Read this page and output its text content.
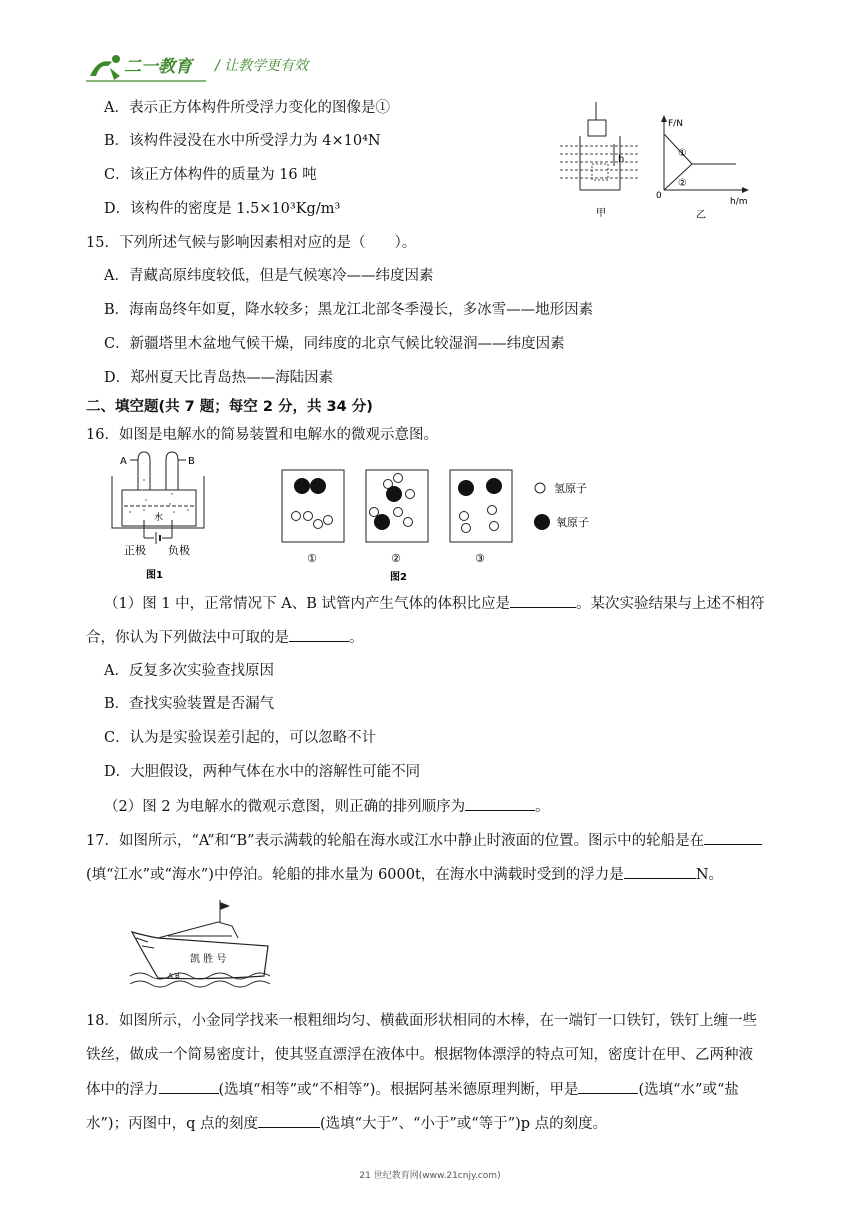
二一教育 / 让教学更有效
A．表示正方体构件所受浮力变化的图像是①
B．该构件浸没在水中所受浮力为 4×10⁴N
C．该正方体构件的质量为 16 吨
D．该构件的密度是 1.5×10³Kg/m³
h
甲
F/N
①
②
0
h/m
乙
15．下列所述气候与影响因素相对应的是（　　）。
A．青藏高原纬度较低，但是气候寒冷——纬度因素
B．海南岛终年如夏，降水较多；黑龙江北部冬季漫长，多冰雪——地形因素
C．新疆塔里木盆地气候干燥，同纬度的北京气候比较湿润——纬度因素
D．郑州夏天比青岛热——海陆因素
二、填空题(共 7 题；每空 2 分，共 34 分)
16．如图是电解水的简易装置和电解水的微观示意图。
A	B
水
正极 负极
图1
氢原子
氧原子
①	②	③
图2
（1）图 1 中，正常情况下 A、B 试管内产生气体的体积比应是	。某次实验结果与上述不相符
合，你认为下列做法中可取的是	。
A．反复多次实验查找原因
B．查找实验装置是否漏气
C．认为是实验误差引起的，可以忽略不计
D．大胆假设，两种气体在水中的溶解性可能不同
（2）图 2 为电解水的微观示意图，则正确的排列顺序为	。
17．如图所示，“A”和“B”表示满载的轮船在海水或江水中静止时液面的位置。图示中的轮船是在
(填“江水”或“海水”)中停泊。轮船的排水量为 6000t，在海水中满载时受到的浮力是	N。
凯 胜 号
A B
18．如图所示，小金同学找来一根粗细均匀、横截面形状相同的木棒，在一端钉一口铁钉，铁钉上缠一些
铁丝，做成一个简易密度计，使其竖直漂浮在液体中。根据物体漂浮的特点可知，密度计在甲、乙两种液
体中的浮力	(选填“相等”或“不相等”)。根据阿基米德原理判断，甲是	(选填“水”或“盐
水”)；丙图中，q 点的刻度	(选填“大于”、“小于”或“等于”)p 点的刻度。
21 世纪教育网(www.21cnjy.com)
